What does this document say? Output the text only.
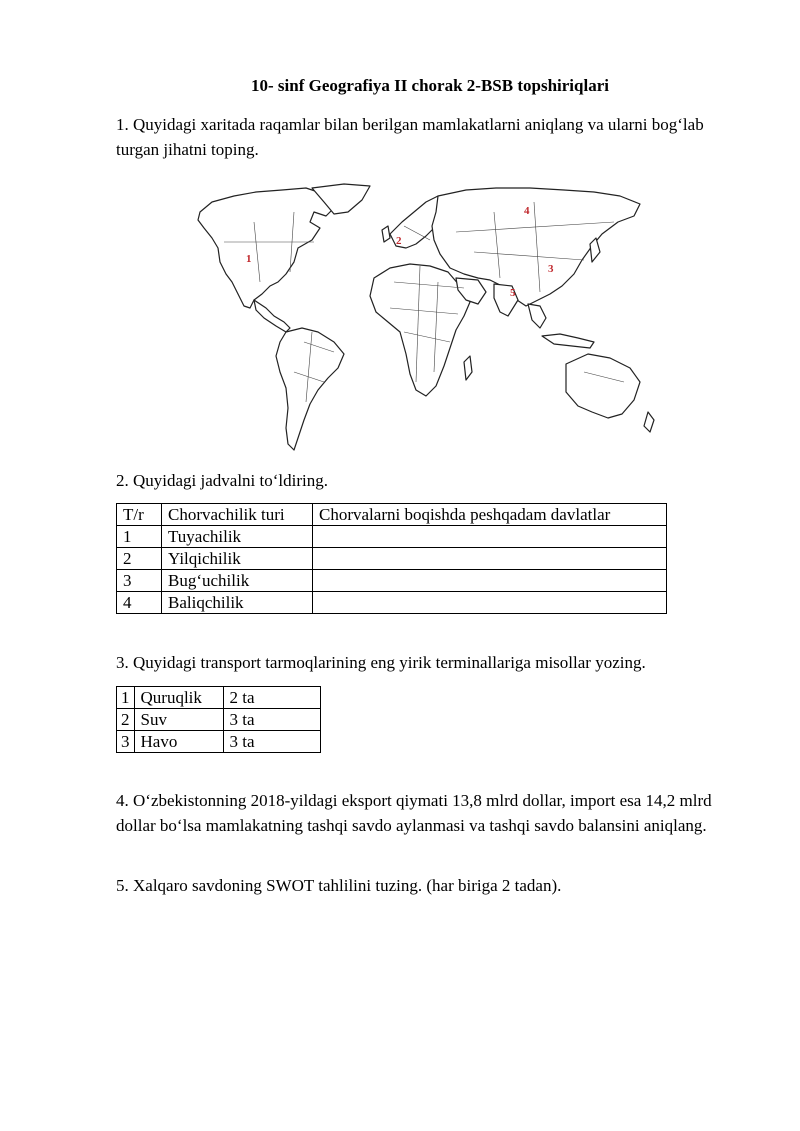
10- sinf Geografiya II chorak 2-BSB topshiriqlari

1. Quyidagi xaritada raqamlar bilan berilgan mamlakatlarni aniqlang va ularni bog‘lab turgan jihatni toping.

1
2
3
4
5

2. Quyidagi jadvalni to‘ldiring.

T/r	Chorvachilik turi	Chorvalarni boqishda peshqadam davlatlar
1	Tuyachilik	
2	Yilqichilik	
3	Bug‘uchilik	
4	Baliqchilik	

3. Quyidagi transport tarmoqlarining eng yirik terminallariga misollar yozing.

1	Quruqlik	2 ta
2	Suv	3 ta
3	Havo	3 ta

4. O‘zbekistonning 2018-yildagi eksport qiymati 13,8 mlrd dollar, import esa 14,2 mlrd dollar bo‘lsa mamlakatning tashqi savdo aylanmasi va tashqi savdo balansini aniqlang.

5. Xalqaro savdoning SWOT tahlilini tuzing. (har biriga 2 tadan).
